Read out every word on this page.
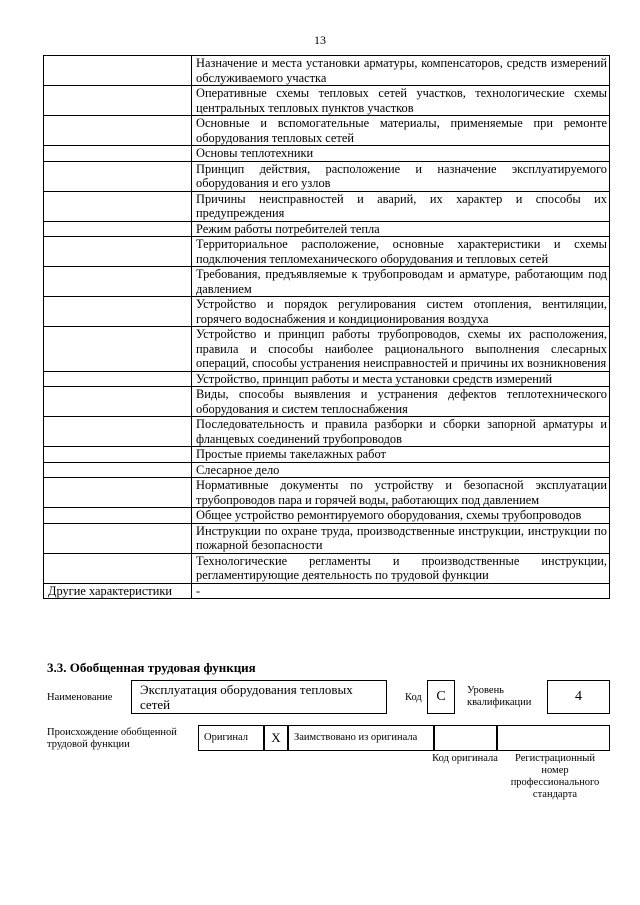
13
	Назначение и места установки арматуры, компенсаторов, средств измерений обслуживаемого участка
	Оперативные схемы тепловых сетей участков, технологические схемы центральных тепловых пунктов участков
	Основные и вспомогательные материалы, применяемые при ремонте оборудования тепловых сетей
	Основы теплотехники
	Принцип действия, расположение и назначение эксплуатируемого оборудования и его узлов
	Причины неисправностей и аварий, их характер и способы их предупреждения
	Режим работы потребителей тепла
	Территориальное расположение, основные характеристики и схемы подключения тепломеханического оборудования и тепловых сетей
	Требования, предъявляемые к трубопроводам и арматуре, работающим под давлением
	Устройство и порядок регулирования систем отопления, вентиляции, горячего водоснабжения и кондиционирования воздуха
	Устройство и принцип работы трубопроводов, схемы их расположения, правила и способы наиболее рационального выполнения слесарных операций, способы устранения неисправностей и причины их возникновения
	Устройство, принцип работы и места установки средств измерений
	Виды, способы выявления и устранения дефектов теплотехнического оборудования и систем теплоснабжения
	Последовательность и правила разборки и сборки запорной арматуры и фланцевых соединений трубопроводов
	Простые приемы такелажных работ
	Слесарное дело
	Нормативные документы по устройству и безопасной эксплуатации трубопроводов пара и горячей воды, работающих под давлением
	Общее устройство ремонтируемого оборудования, схемы трубопроводов
	Инструкции по охране труда, производственные инструкции, инструкции по пожарной безопасности
	Технологические регламенты и производственные инструкции, регламентирующие деятельность по трудовой функции
Другие характеристики	-
3.3. Обобщенная трудовая функция
Наименование
Эксплуатация оборудования тепловых сетей	Код	C	Уровень квалификации	4
Происхождение обобщенной трудовой функции
Оригинал	X	Заимствовано из оригинала
Код оригинала	Регистрационный номер профессионального стандарта
